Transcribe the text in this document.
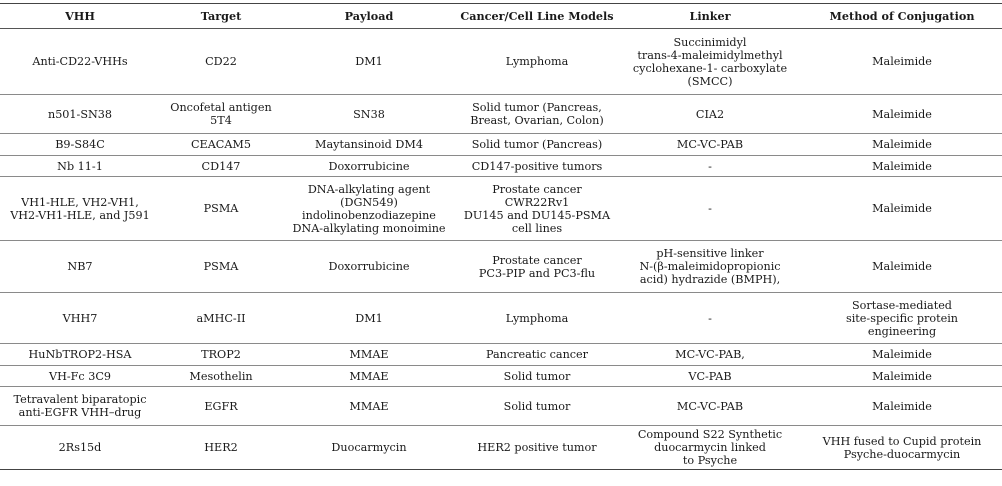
VHH	Target	Payload	Cancer/Cell Line Models	Linker	Method of Conjugation
Anti-CD22-VHHs	CD22	DM1	Lymphoma	Succinimidyl
trans-4-maleimidylmethyl
cyclohexane-1- carboxylate
(SMCC)	Maleimide
n501-SN38	Oncofetal antigen 5T4	SN38	Solid tumor (Pancreas,
Breast, Ovarian, Colon)	CIA2	Maleimide
B9-S84C	CEACAM5	Maytansinoid DM4	Solid tumor (Pancreas)	MC-VC-PAB	Maleimide
Nb 11-1	CD147	Doxorrubicine	CD147-positive tumors	-	Maleimide
VH1-HLE, VH2-VH1,
VH2-VH1-HLE, and J591	PSMA	DNA-alkylating agent
(DGN549)
indolinobenzodiazepine
DNA-alkylating monoimine	Prostate cancer CWR22Rv1
DU145 and DU145-PSMA
cell lines	-	Maleimide
NB7	PSMA	Doxorrubicine	Prostate cancer
PC3-PIP and PC3-flu	pH-sensitive linker
N-(β-maleimidopropionic
acid) hydrazide (BMPH),	Maleimide
VHH7	aMHC-II	DM1	Lymphoma	-	Sortase-mediated
site-specific protein
engineering
HuNbTROP2-HSA	TROP2	MMAE	Pancreatic cancer	MC-VC-PAB,	Maleimide
VH-Fc 3C9	Mesothelin	MMAE	Solid tumor	VC-PAB	Maleimide
Tetravalent biparatopic
anti-EGFR VHH–drug	EGFR	MMAE	Solid tumor	MC-VC-PAB	Maleimide
2Rs15d	HER2	Duocarmycin	HER2 positive tumor	Compound S22 Synthetic
duocarmycin linked
to Psyche	VHH fused to Cupid protein
Psyche-duocarmycin
